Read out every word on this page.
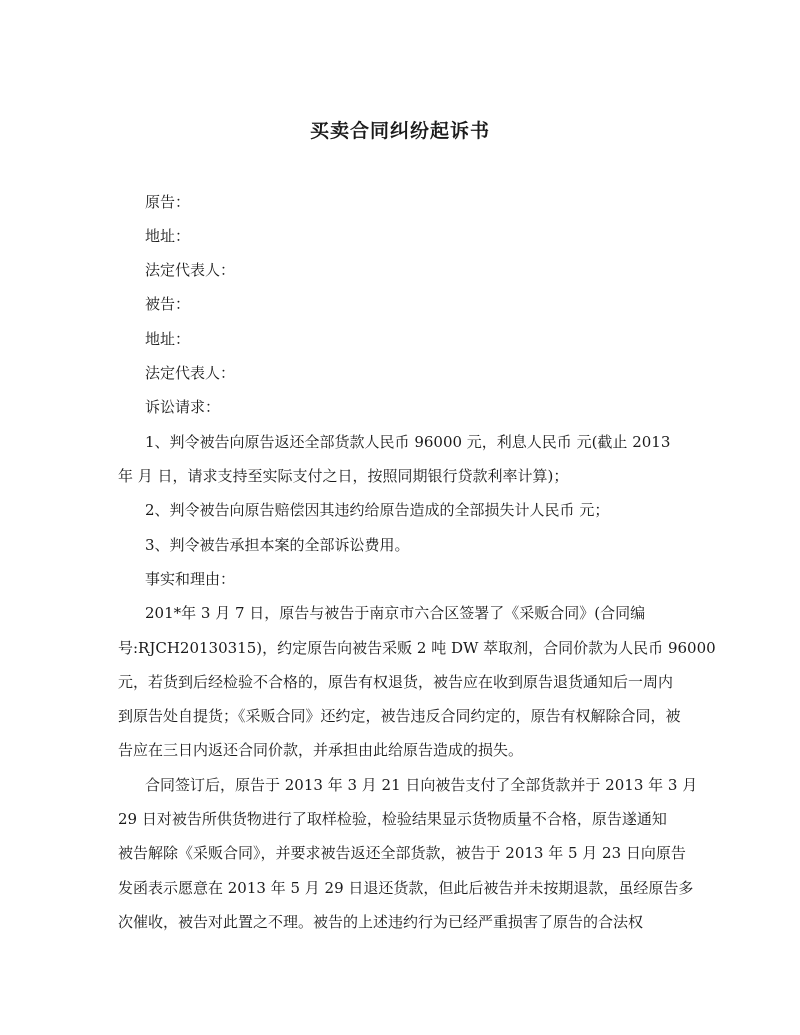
买卖合同纠纷起诉书
原告：
地址：
法定代表人：
被告：
地址：
法定代表人：
诉讼请求：
1、判令被告向原告返还全部货款人民币 96000 元，利息人民币 元(截止 2013
年 月 日，请求支持至实际支付之日，按照同期银行贷款利率计算)；
2、判令被告向原告赔偿因其违约给原告造成的全部损失计人民币 元；
3、判令被告承担本案的全部诉讼费用。
事实和理由：
201*年 3 月 7 日，原告与被告于南京市六合区签署了《采贩合同》(合同编
号:RJCH20130315)，约定原告向被告采贩 2 吨 DW 萃取剂，合同价款为人民币 96000
元，若货到后经检验不合格的，原告有权退货，被告应在收到原告退货通知后一周内
到原告处自提货；《采贩合同》还约定，被告违反合同约定的，原告有权解除合同，被
告应在三日内返还合同价款，并承担由此给原告造成的损失。
合同签订后，原告于 2013 年 3 月 21 日向被告支付了全部货款并于 2013 年 3 月
29 日对被告所供货物进行了取样检验，检验结果显示货物质量不合格，原告遂通知
被告解除《采贩合同》，并要求被告返还全部货款，被告于 2013 年 5 月 23 日向原告
发函表示愿意在 2013 年 5 月 29 日退还货款，但此后被告并未按期退款，虽经原告多
次催收，被告对此置之不理。被告的上述违约行为已经严重损害了原告的合法权
